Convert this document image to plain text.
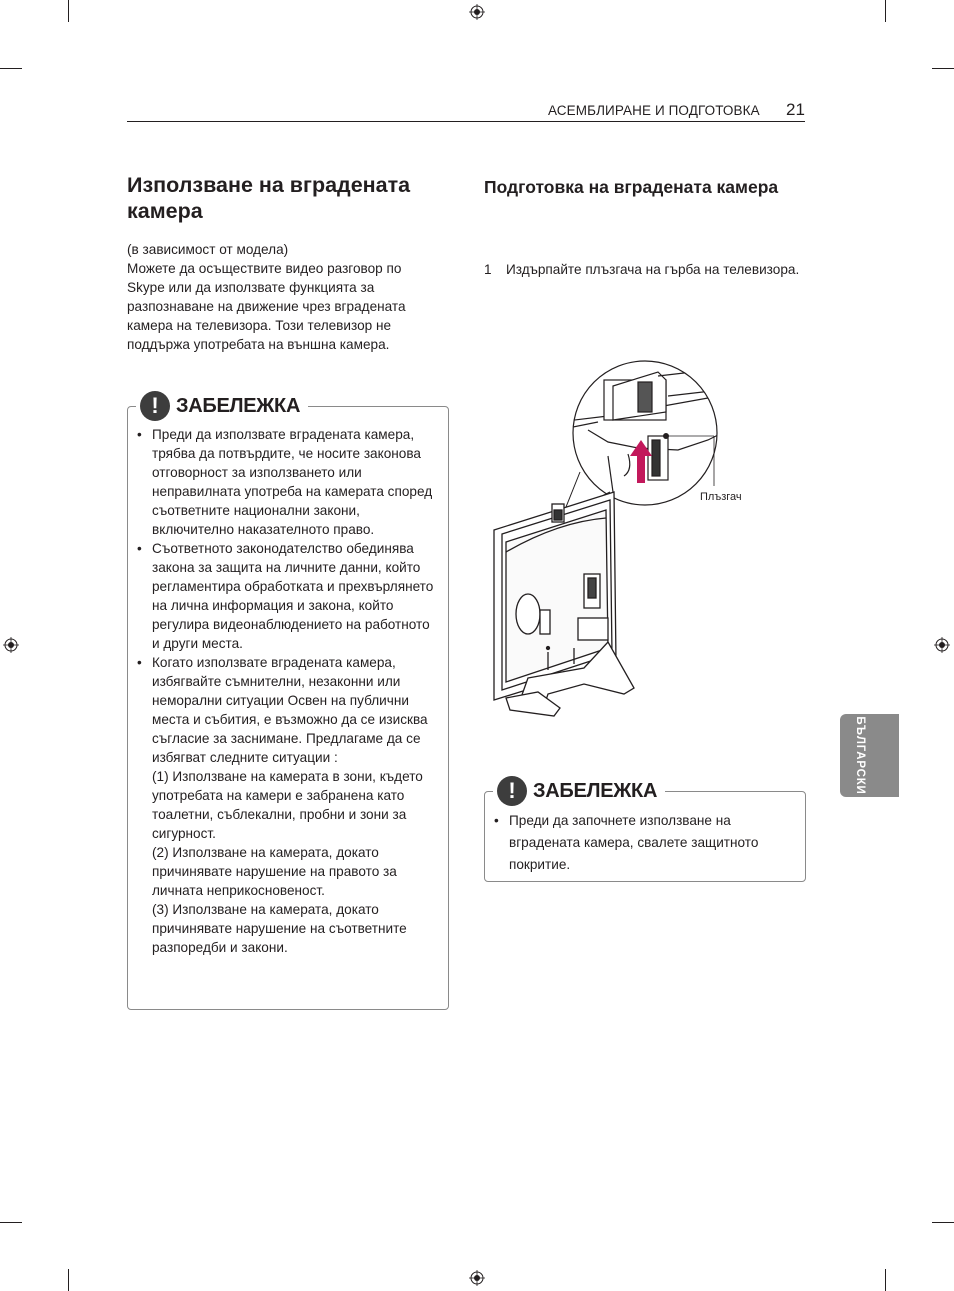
АСЕМБЛИРАНЕ И ПОДГОТОВКА 21
Използване на вградената камера
(в зависимост от модела)
Можете да осъществите видео разговор по Skype или да използвате функцията за разпознаване на движение чрез вградената камера на телевизора. Този телевизор не поддържа употребата на външна камера.
! ЗАБЕЛЕЖКА
• Преди да използвате вградената камера, трябва да потвърдите, че носите законова отговорност за използването или неправилната употреба на камерата според съответните национални закони, включително наказателното право.
• Съответното законодателство обединява закона за защита на личните данни, който регламентира обработката и прехвърлянето на лична информация и закона, който регулира видеонаблюдението на работното и други места.
• Когато използвате вградената камера, избягвайте съмнителни, незаконни или неморални ситуации Освен на публични места и събития, е възможно да се изисква съгласие за заснимане. Предлагаме да се избягват следните ситуации :
(1) Използване на камерата в зони, където употребата на камери е забранена като тоалетни, съблекални, пробни и зони за сигурност.
(2) Използване на камерата, докато причинявате нарушение на правото за личната неприкосновеност.
(3) Използване на камерата, докато причинявате нарушение на съответните разпоредби и закони.
Подготовка на вградената камера
1	Издърпайте плъзгача на гърба на телевизора.
Плъзгач
! ЗАБЕЛЕЖКА
• Преди да започнете използване на вградената камера, свалете защитното покритие.
БЪЛГАРСКИ
